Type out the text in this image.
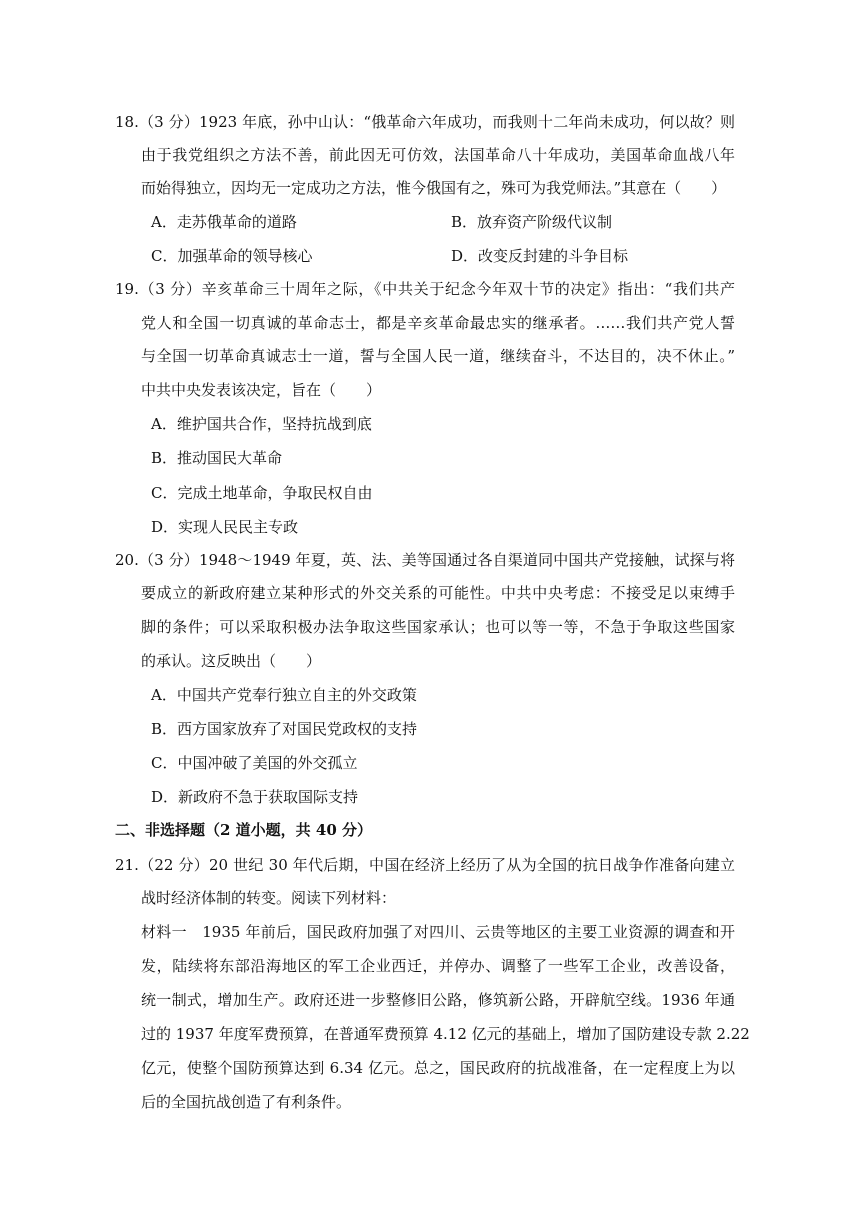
18.（3 分）1923 年底，孙中山认：“俄革命六年成功，而我则十二年尚未成功，何以故？则
由于我党组织之方法不善，前此因无可仿效，法国革命八十年成功，美国革命血战八年
而始得独立，因均无一定成功之方法，惟今俄国有之，殊可为我党师法。”其意在（　　）
A．走苏俄革命的道路	B．放弃资产阶级代议制
C．加强革命的领导核心	D．改变反封建的斗争目标
19.（3 分）辛亥革命三十周年之际，《中共关于纪念今年双十节的决定》指出：“我们共产
党人和全国一切真诚的革命志士，都是辛亥革命最忠实的继承者。……我们共产党人誓
与全国一切革命真诚志士一道，誓与全国人民一道，继续奋斗，不达目的，决不休止。”
中共中央发表该决定，旨在（　　）
A．维护国共合作，坚持抗战到底
B．推动国民大革命
C．完成土地革命，争取民权自由
D．实现人民民主专政
20.（3 分）1948～1949 年夏，英、法、美等国通过各自渠道同中国共产党接触，试探与将
要成立的新政府建立某种形式的外交关系的可能性。中共中央考虑：不接受足以束缚手
脚的条件；可以采取积极办法争取这些国家承认；也可以等一等，不急于争取这些国家
的承认。这反映出（　　）
A．中国共产党奉行独立自主的外交政策
B．西方国家放弃了对国民党政权的支持
C．中国冲破了美国的外交孤立
D．新政府不急于获取国际支持
二、非选择题（2 道小题，共 40 分）
21.（22 分）20 世纪 30 年代后期，中国在经济上经历了从为全国的抗日战争作准备向建立
战时经济体制的转变。阅读下列材料：
材料一　1935 年前后，国民政府加强了对四川、云贵等地区的主要工业资源的调查和开
发，陆续将东部沿海地区的军工企业西迁，并停办、调整了一些军工企业，改善设备，
统一制式，增加生产。政府还进一步整修旧公路，修筑新公路，开辟航空线。1936 年通
过的 1937 年度军费预算，在普通军费预算 4.12 亿元的基础上，增加了国防建设专款 2.22
亿元，使整个国防预算达到 6.34 亿元。总之，国民政府的抗战准备，在一定程度上为以
后的全国抗战创造了有利条件。
